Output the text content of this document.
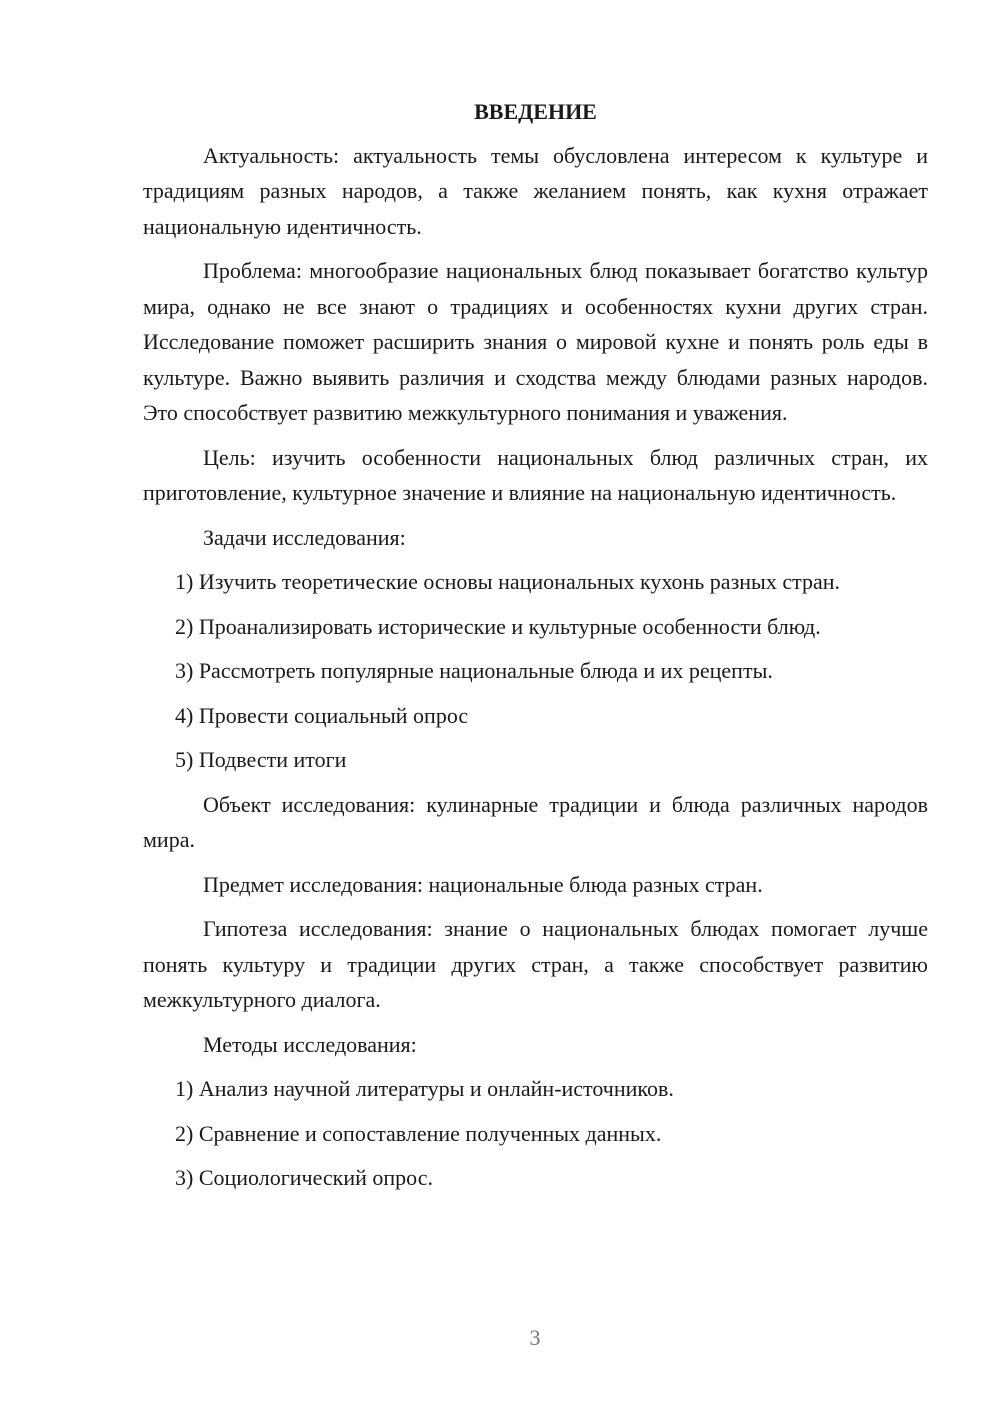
ВВЕДЕНИЕ

Актуальность: актуальность темы обусловлена интересом к культуре и традициям разных народов, а также желанием понять, как кухня отражает национальную идентичность.

Проблема: многообразие национальных блюд показывает богатство культур мира, однако не все знают о традициях и особенностях кухни других стран. Исследование поможет расширить знания о мировой кухне и понять роль еды в культуре. Важно выявить различия и сходства между блюдами разных народов. Это способствует развитию межкультурного понимания и уважения.

Цель: изучить особенности национальных блюд различных стран, их приготовление, культурное значение и влияние на национальную идентичность.

Задачи исследования:

1) Изучить теоретические основы национальных кухонь разных стран.
2) Проанализировать исторические и культурные особенности блюд.
3) Рассмотреть популярные национальные блюда и их рецепты.
4) Провести социальный опрос
5) Подвести итоги

Объект исследования: кулинарные традиции и блюда различных народов мира.

Предмет исследования: национальные блюда разных стран.

Гипотеза исследования: знание о национальных блюдах помогает лучше понять культуру и традиции других стран, а также способствует развитию межкультурного диалога.

Методы исследования:

1) Анализ научной литературы и онлайн-источников.
2) Сравнение и сопоставление полученных данных.
3) Социологический опрос.
3
